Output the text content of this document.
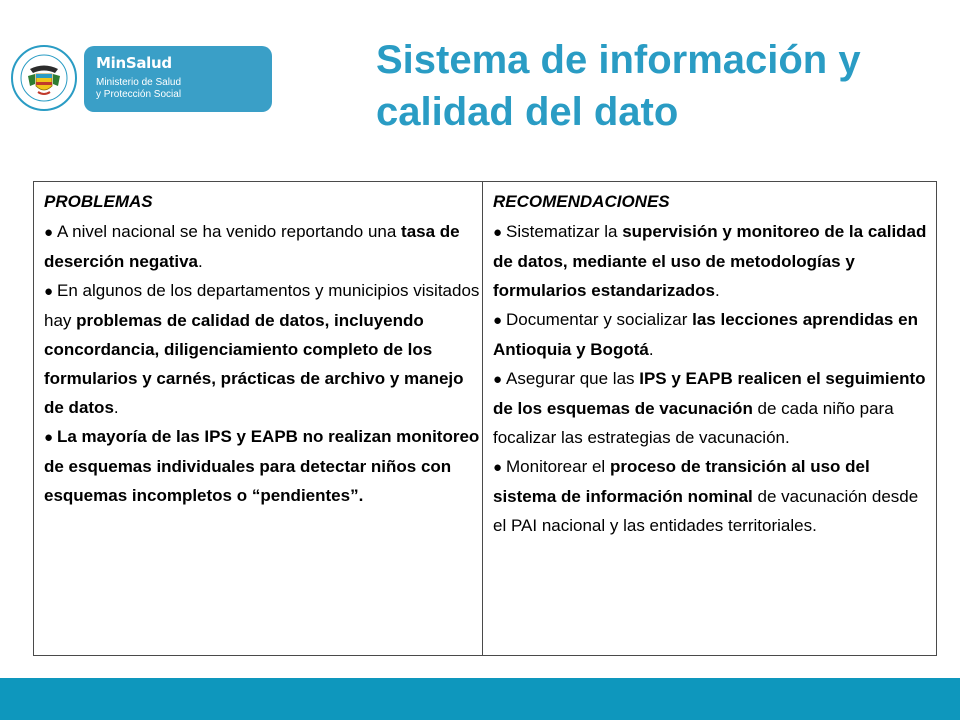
MinSalud
Ministerio de Salud
y Protección Social
Sistema de información y
calidad del dato

PROBLEMAS

● A nivel nacional se ha venido reportando una tasa de deserción negativa.

● En algunos de los departamentos y municipios visitados hay problemas de calidad de datos, incluyendo concordancia, diligenciamiento completo de los formularios y carnés, prácticas de archivo y manejo de datos.

● La mayoría de las IPS y EAPB no realizan monitoreo de esquemas individuales para detectar niños con esquemas incompletos o “pendientes”.

RECOMENDACIONES

● Sistematizar la supervisión y monitoreo de la calidad de datos, mediante el uso de metodologías y formularios estandarizados.

● Documentar y socializar las lecciones aprendidas en Antioquia y Bogotá.

● Asegurar que las IPS y EAPB realicen el seguimiento de los esquemas de vacunación de cada niño para focalizar las estrategias de vacunación.

● Monitorear el proceso de transición al uso del sistema de información nominal de vacunación desde el PAI nacional y las entidades territoriales.
